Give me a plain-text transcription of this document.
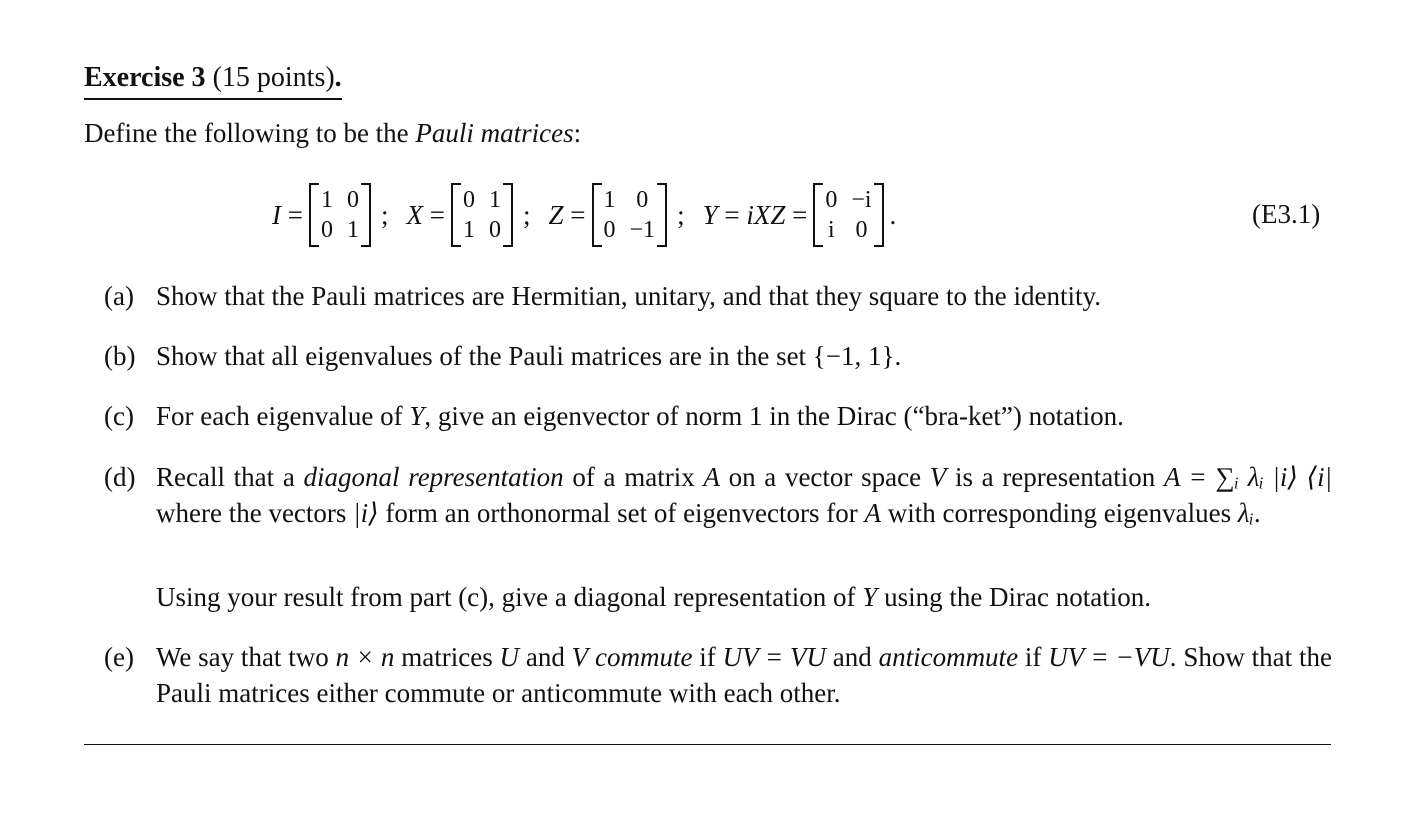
Exercise 3 (15 points).
Define the following to be the Pauli matrices:
I = 1 0
0 1
; X = 0 1
1 0
; Z = 1 0
0 −1
; Y = iXZ = 0 −i
i 0
.	(E3.1)
(a) Show that the Pauli matrices are Hermitian, unitary, and that they square to the identity.
(b) Show that all eigenvalues of the Pauli matrices are in the set {−1, 1}.
(c) For each eigenvalue of Y, give an eigenvector of norm 1 in the Dirac (“bra-ket”) notation.
(d) Recall that a diagonal representation of a matrix A on a vector space V is a representation A = ∑ᵢ λᵢ |i⟩ ⟨i| where the vectors |i⟩ form an orthonormal set of eigenvectors for A with corresponding eigenvalues λᵢ.
Using your result from part (c), give a diagonal representation of Y using the Dirac notation.
(e) We say that two n × n matrices U and V commute if UV = VU and anticommute if UV = −VU. Show that the Pauli matrices either commute or anticommute with each other.
